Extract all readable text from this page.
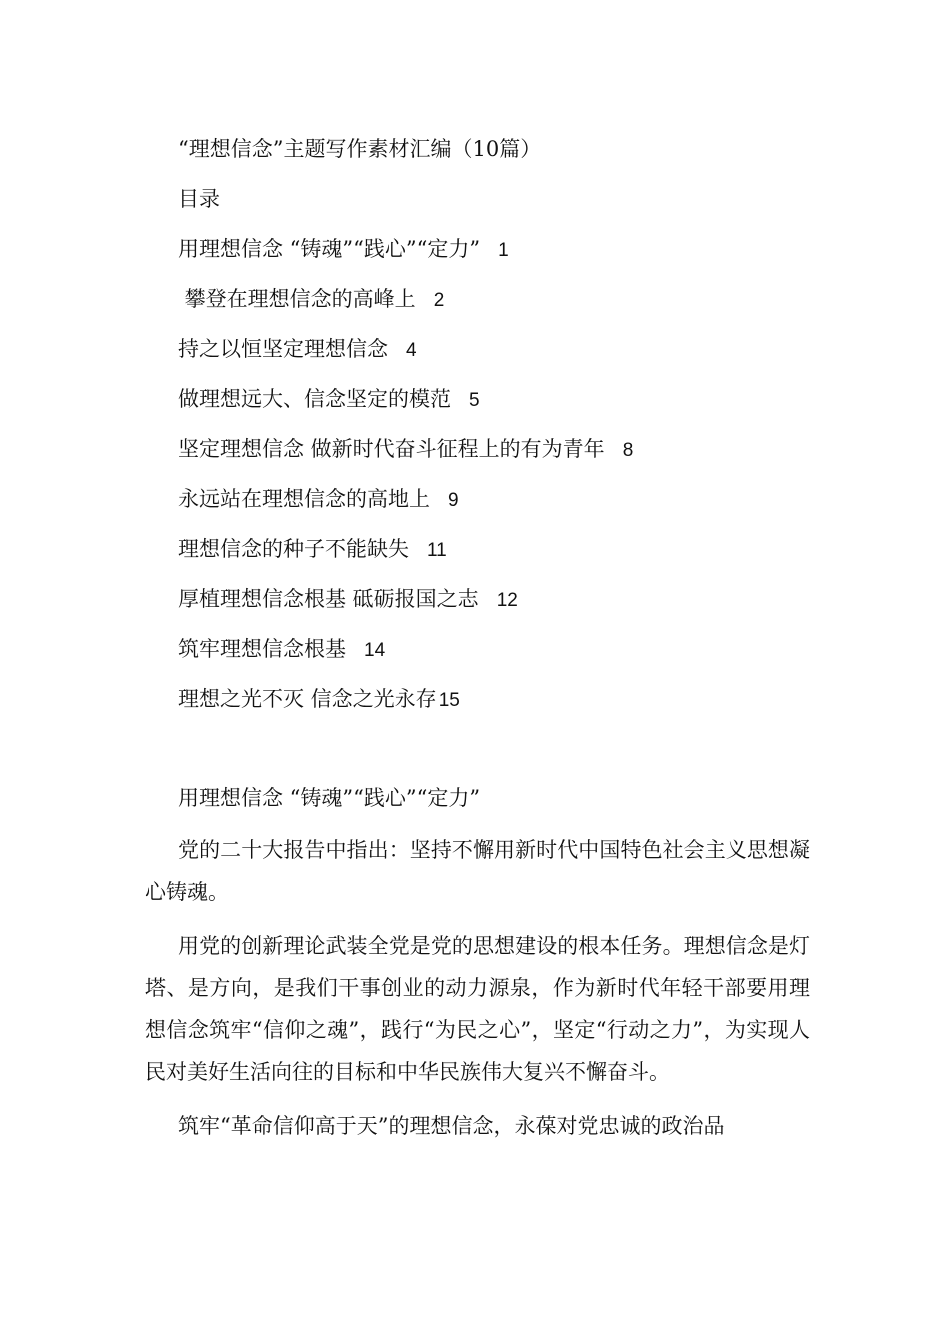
“理想信念”主题写作素材汇编（10篇）
目录
用理想信念 “铸魂”“践心”“定力” 1
攀登在理想信念的高峰上 2
持之以恒坚定理想信念 4
做理想远大、信念坚定的模范 5
坚定理想信念 做新时代奋斗征程上的有为青年 8
永远站在理想信念的高地上 9
理想信念的种子不能缺失 11
厚植理想信念根基 砥砺报国之志 12
筑牢理想信念根基 14
理想之光不灭 信念之光永存 15
用理想信念 “铸魂”“践心”“定力”

党的二十大报告中指出：坚持不懈用新时代中国特色社会主义思想凝心铸魂。

用党的创新理论武装全党是党的思想建设的根本任务。理想信念是灯塔、是方向，是我们干事创业的动力源泉，作为新时代年轻干部要用理想信念筑牢“信仰之魂”，践行“为民之心”，坚定“行动之力”，为实现人民对美好生活向往的目标和中华民族伟大复兴不懈奋斗。

筑牢“革命信仰高于天”的理想信念，永葆对党忠诚的政治品
